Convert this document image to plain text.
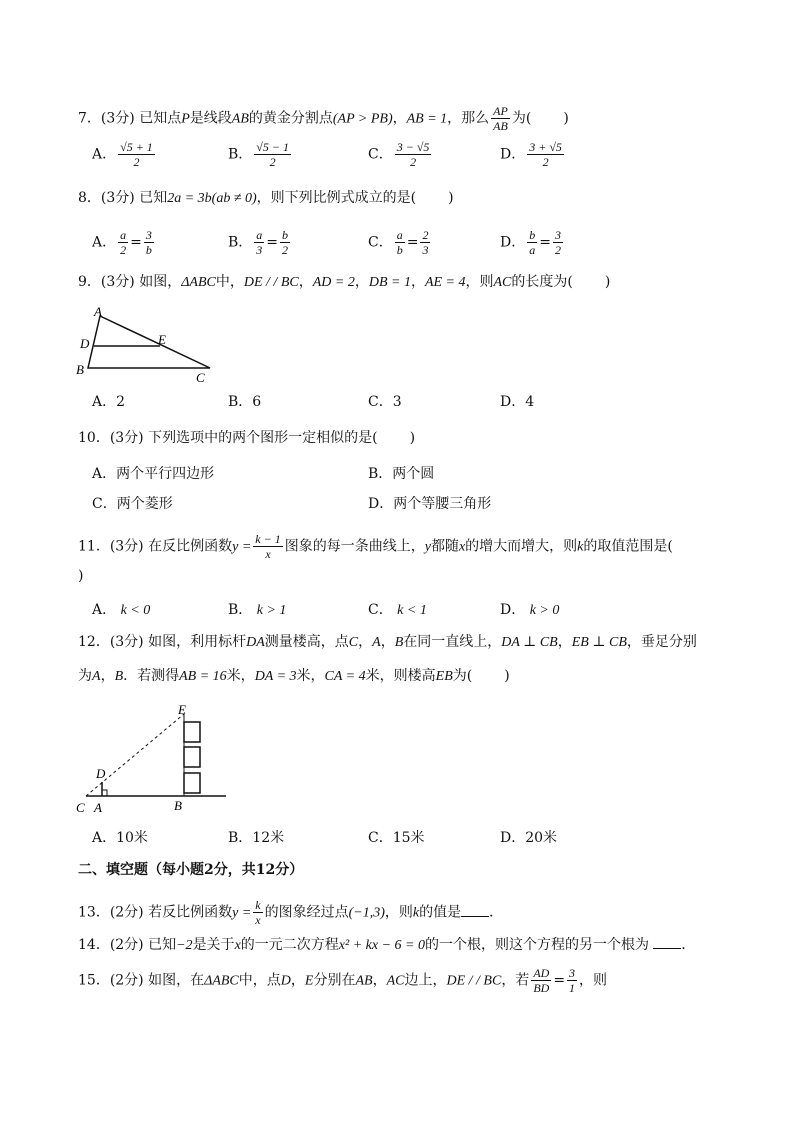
7．(3分) 已知点P是线段AB的黄金分割点(AP > PB)，AB = 1，那么 $\frac{AP}{AB}$ 为( )
A． $\frac{√5 + 1}{2}$	B． $\frac{√5 - 1}{2}$	C． $\frac{3 - √5}{2}$	D． $\frac{3 + √5}{2}$
8．(3分) 已知2a = 3b(ab ≠ 0)，则下列比例式成立的是( )
A． $\frac{a}{2} = \frac{3}{b}$	B． $\frac{a}{3} = \frac{b}{2}$	C． $\frac{a}{b} = \frac{2}{3}$	D． $\frac{b}{a} = \frac{3}{2}$
9．(3分) 如图，ΔABC中，DE / / BC，AD = 2，DB = 1，AE = 4，则AC的长度为( )
A
D	E
B
C
A．2	B．6	C．3	D．4
10．(3分) 下列选项中的两个图形一定相似的是( )
A．两个平行四边形	B．两个圆
C．两个菱形	D．两个等腰三角形
11．(3分) 在反比例函数$y = \frac{k - 1}{x}$ 图象的每一条曲线上，y都随x的增大而增大，则k的取值范围是(
)
A． k < 0	B． k > 1	C． k < 1	D． k > 0
12．(3分) 如图，利用标杆DA测量楼高，点C，A，B在同一直线上，DA ⊥ CB，EB ⊥ CB，垂足分别
为A，B．若测得AB = 16米，DA = 3米，CA = 4米，则楼高EB为( )
E
D
C A	B
A．10米	B．12米	C．15米	D．20米
二、填空题（每小题2分，共12分）
13．(2分) 若反比例函数$y = \frac{k}{x}$ 的图象经过点(−1,3)，则k的值是 ．
14．(2分) 已知−2是关于x的一元二次方程x² + kx − 6 = 0的一个根，则这个方程的另一个根为 ．
15．(2分) 如图，在ΔABC中，点D，E分别在AB，AC边上，DE / / BC，若 $\frac{AD}{BD} = \frac{3}{1}$ ，则
